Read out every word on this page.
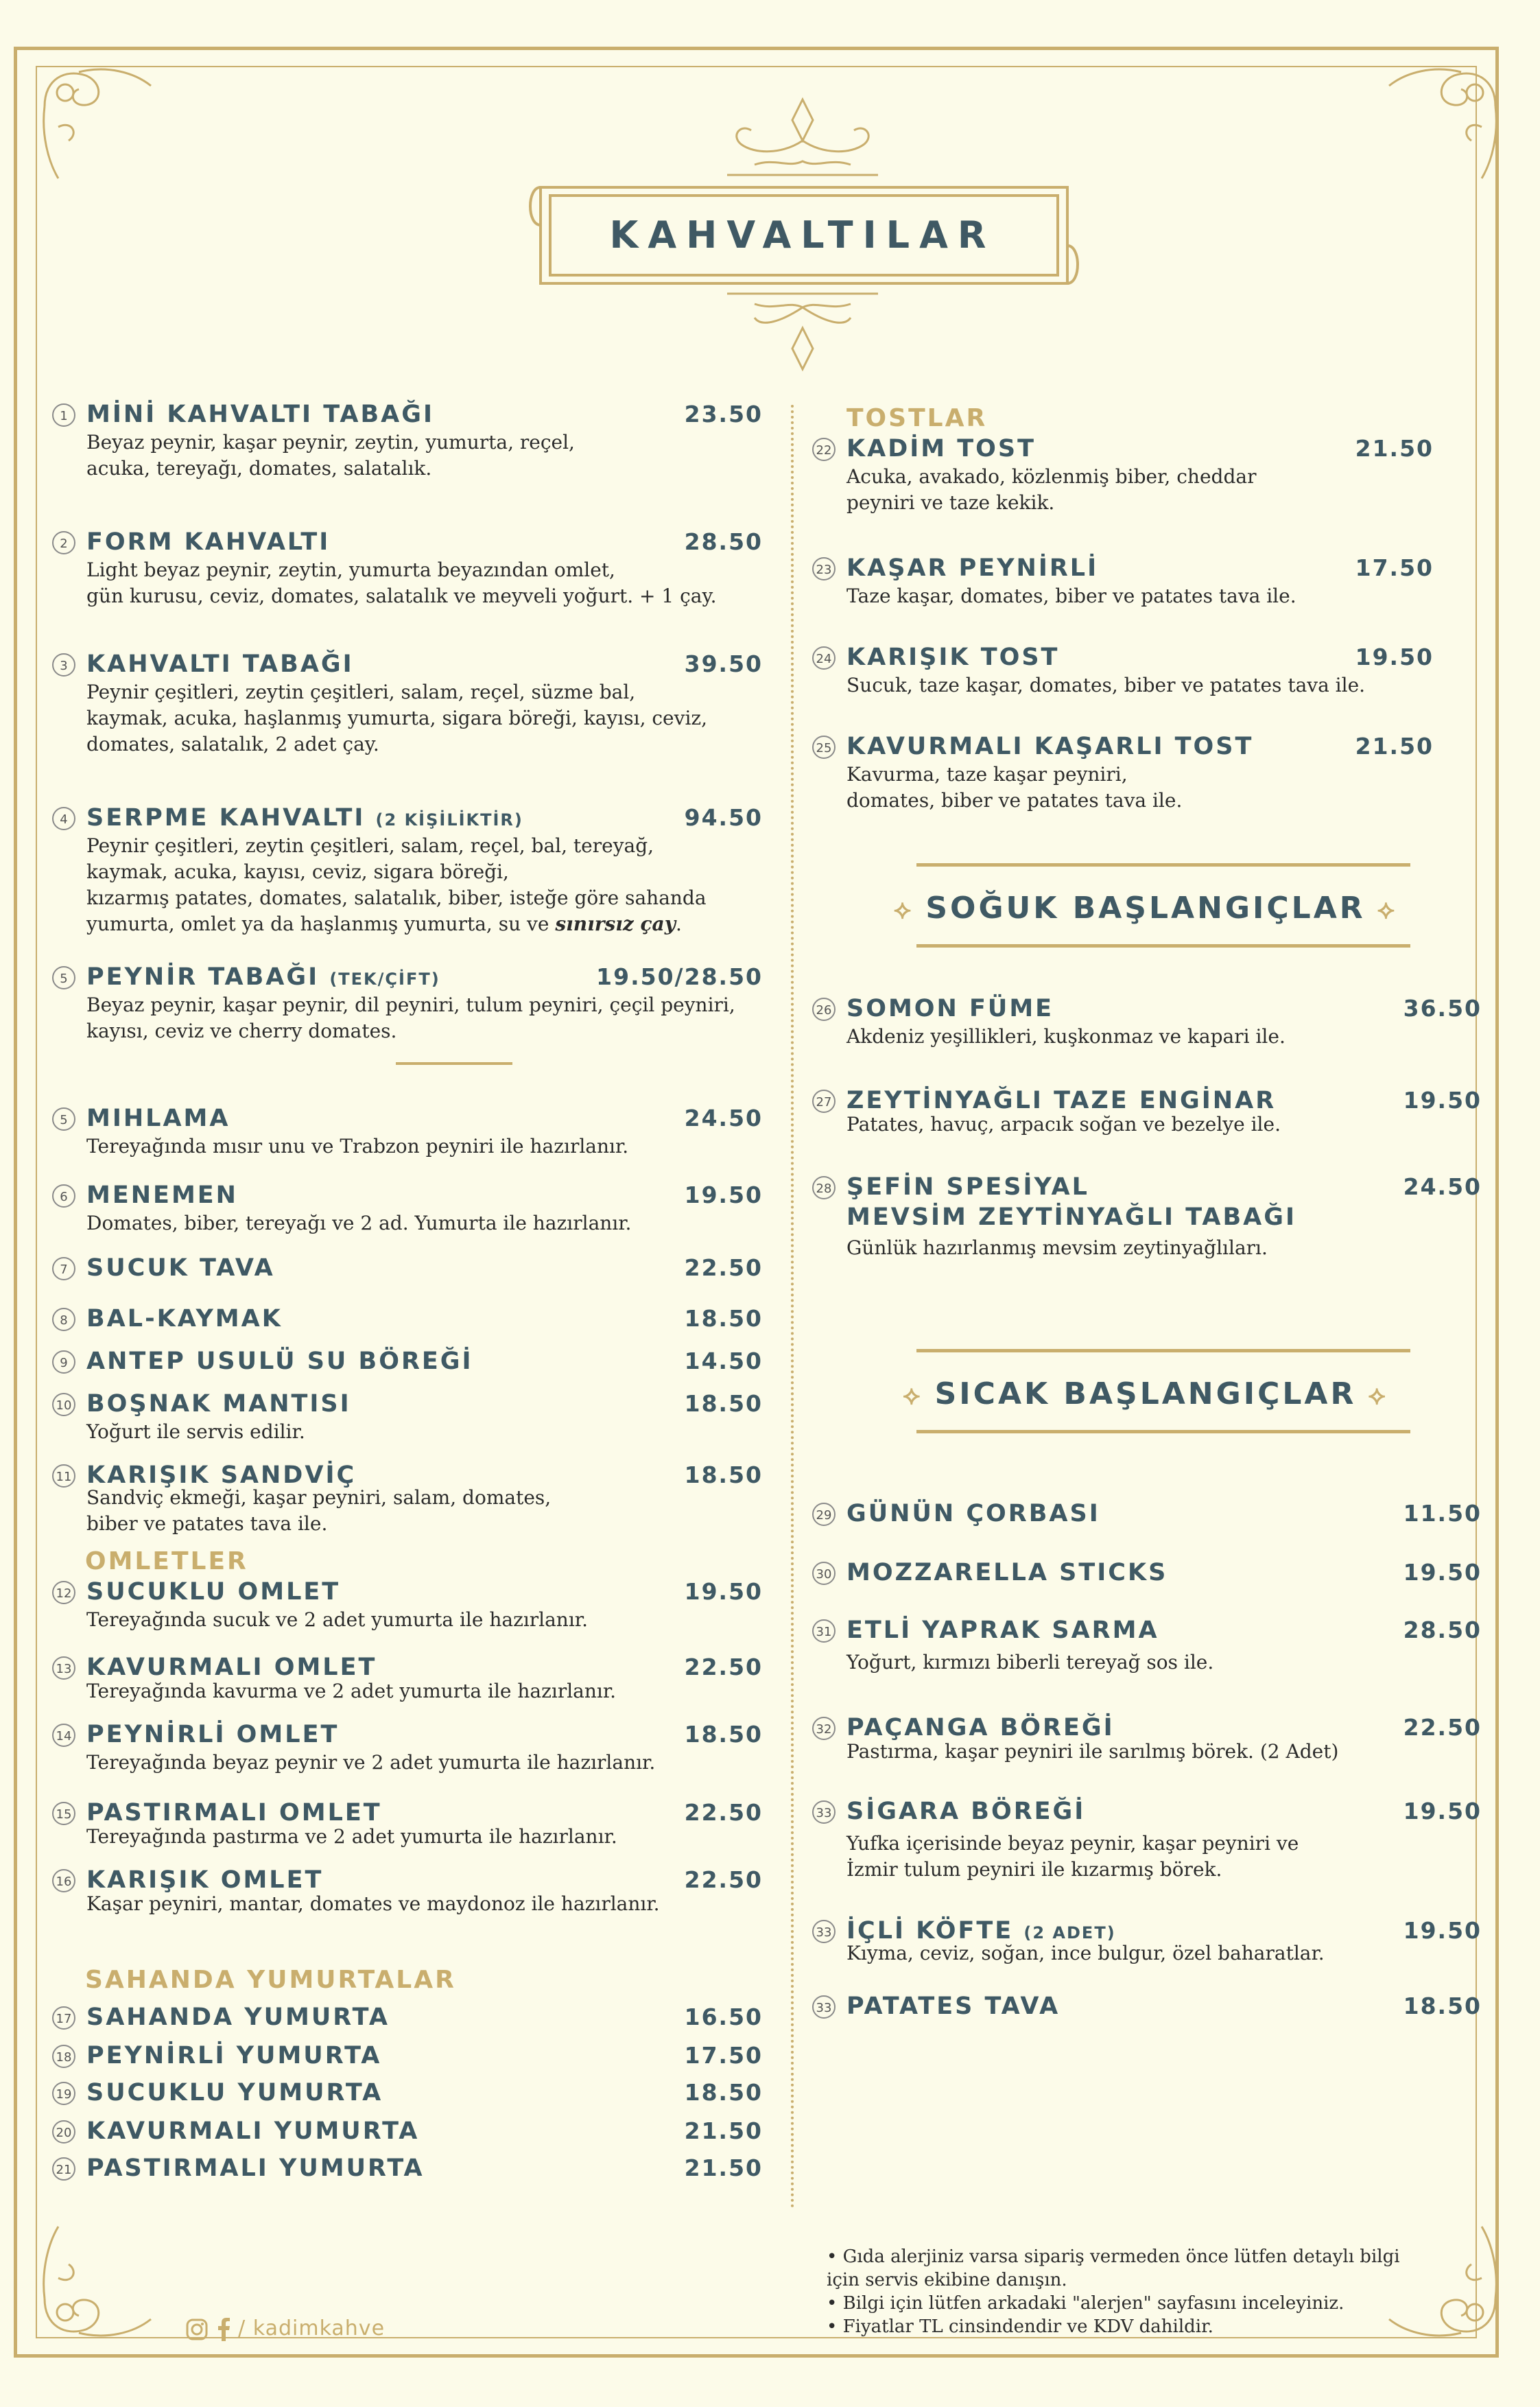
KAHVALTILAR
1 MİNİ KAHVALTI TABAĞI	23.50
Beyaz peynir, kaşar peynir, zeytin, yumurta, reçel,
acuka, tereyağı, domates, salatalık.
2 FORM KAHVALTI	28.50
Light beyaz peynir, zeytin, yumurta beyazından omlet,
gün kurusu, ceviz, domates, salatalık ve meyveli yoğurt. + 1 çay.
3 KAHVALTI TABAĞI	39.50
Peynir çeşitleri, zeytin çeşitleri, salam, reçel, süzme bal,
kaymak, acuka, haşlanmış yumurta, sigara böreği, kayısı, ceviz,
domates, salatalık, 2 adet çay.
4 SERPME KAHVALTI (2 KİŞİLİKTİR)	94.50
Peynir çeşitleri, zeytin çeşitleri, salam, reçel, bal, tereyağ,
kaymak, acuka, kayısı, ceviz, sigara böreği,
kızarmış patates, domates, salatalık, biber, isteğe göre sahanda
yumurta, omlet ya da haşlanmış yumurta, su ve sınırsız çay.
5 PEYNİR TABAĞI (TEK/ÇİFT)	19.50/28.50
Beyaz peynir, kaşar peynir, dil peyniri, tulum peyniri, çeçil peyniri,
kayısı, ceviz ve cherry domates.
5 MIHLAMA	24.50
Tereyağında mısır unu ve Trabzon peyniri ile hazırlanır.
6 MENEMEN	19.50
Domates, biber, tereyağı ve 2 ad. Yumurta ile hazırlanır.
7 SUCUK TAVA	22.50
8 BAL-KAYMAK	18.50
9 ANTEP USULÜ SU BÖREĞİ	14.50
10 BOŞNAK MANTISI	18.50
Yoğurt ile servis edilir.
11 KARIŞIK SANDVİÇ	18.50
Sandviç ekmeği, kaşar peyniri, salam, domates,
biber ve patates tava ile.
OMLETLER
12 SUCUKLU OMLET	19.50
Tereyağında sucuk ve 2 adet yumurta ile hazırlanır.
13 KAVURMALI OMLET	22.50
Tereyağında kavurma ve 2 adet yumurta ile hazırlanır.
14 PEYNİRLİ OMLET	18.50
Tereyağında beyaz peynir ve 2 adet yumurta ile hazırlanır.
15 PASTIRMALI OMLET	22.50
Tereyağında pastırma ve 2 adet yumurta ile hazırlanır.
16 KARIŞIK OMLET	22.50
Kaşar peyniri, mantar, domates ve maydonoz ile hazırlanır.
SAHANDA YUMURTALAR
17 SAHANDA YUMURTA	16.50
18 PEYNİRLİ YUMURTA	17.50
19 SUCUKLU YUMURTA	18.50
20 KAVURMALI YUMURTA	21.50
21 PASTIRMALI YUMURTA	21.50
TOSTLAR
22 KADİM TOST	21.50
Acuka, avakado, közlenmiş biber, cheddar
peyniri ve taze kekik.
23 KAŞAR PEYNİRLİ	17.50
Taze kaşar, domates, biber ve patates tava ile.
24 KARIŞIK TOST	19.50
Sucuk, taze kaşar, domates, biber ve patates tava ile.
25 KAVURMALI KAŞARLI TOST	21.50
Kavurma, taze kaşar peyniri,
domates, biber ve patates tava ile.
26 SOMON FÜME	36.50
Akdeniz yeşillikleri, kuşkonmaz ve kapari ile.
27 ZEYTİNYAĞLI TAZE ENGİNAR	19.50
Patates, havuç, arpacık soğan ve bezelye ile.
28 ŞEFİN SPESİYAL
MEVSİM ZEYTİNYAĞLI TABAĞI
24.50
Günlük hazırlanmış mevsim zeytinyağlıları.
29 GÜNÜN ÇORBASI	11.50
30 MOZZARELLA STICKS	19.50
31 ETLİ YAPRAK SARMA	28.50
Yoğurt, kırmızı biberli tereyağ sos ile.
32 PAÇANGA BÖREĞİ	22.50
Pastırma, kaşar peyniri ile sarılmış börek. (2 Adet)
33 SİGARA BÖREĞİ	19.50
Yufka içerisinde beyaz peynir, kaşar peyniri ve
İzmir tulum peyniri ile kızarmış börek.
33 İÇLİ KÖFTE (2 ADET)	19.50
Kıyma, ceviz, soğan, ince bulgur, özel baharatlar.
33 PATATES TAVA	18.50
⟡ SOĞUK BAŞLANGIÇLAR ⟡
⟡ SICAK BAŞLANGIÇLAR ⟡
• Gıda alerjiniz varsa sipariş vermeden önce lütfen detaylı bilgi
için servis ekibine danışın.
• Bilgi için lütfen arkadaki "alerjen" sayfasını inceleyiniz.
• Fiyatlar TL cinsindendir ve KDV dahildir.
/ kadimkahve
